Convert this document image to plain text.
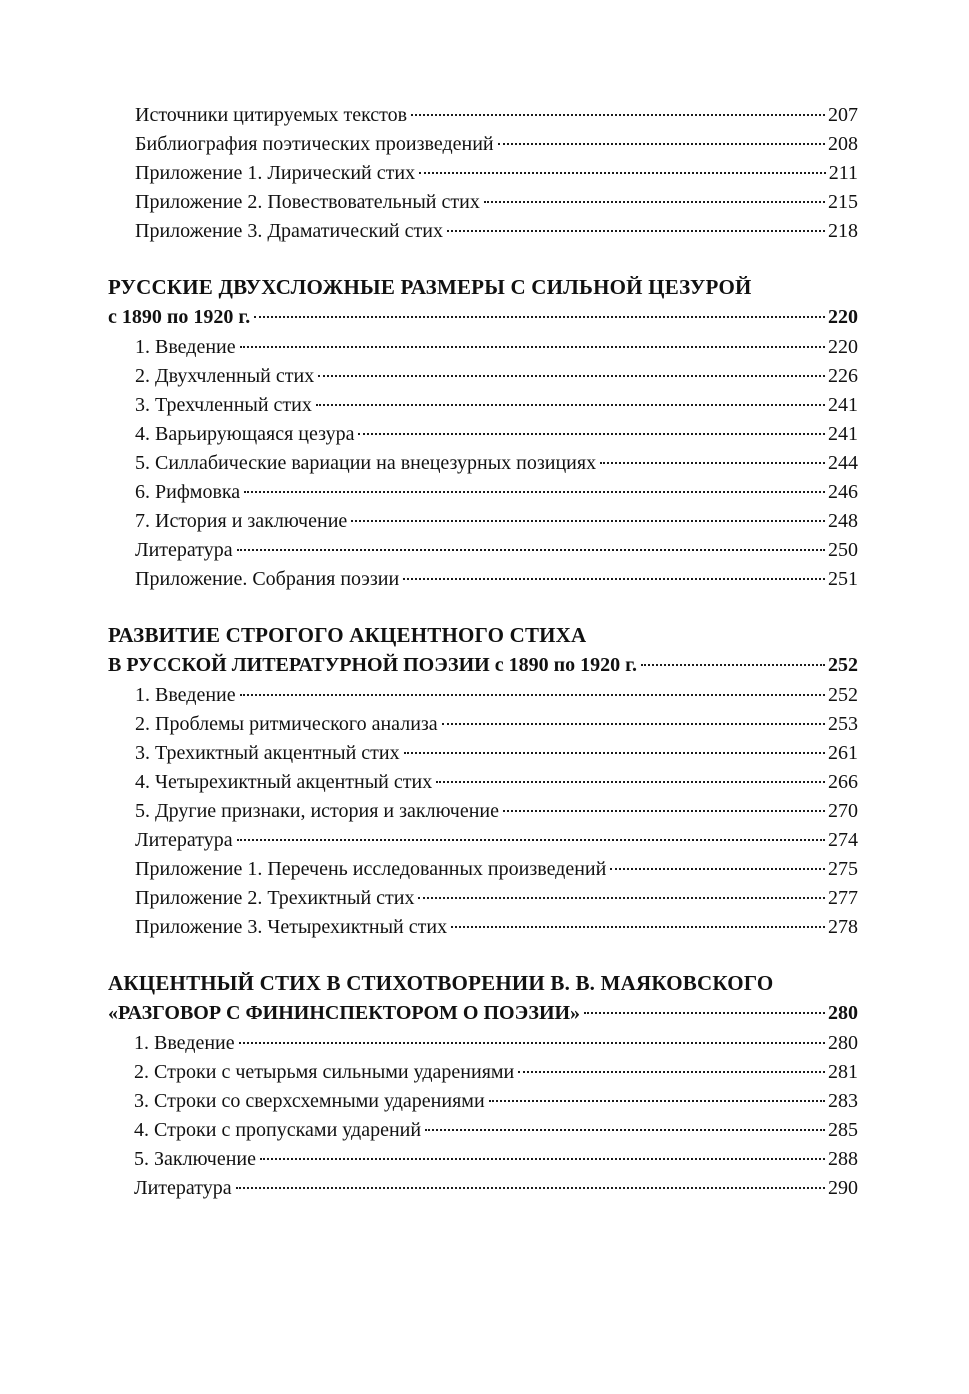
Источники цитируемых текстов	207
Библиография поэтических произведений	208
Приложение 1. Лирический стих	211
Приложение 2. Повествовательный стих	215
Приложение 3. Драматический стих	218
РУССКИЕ ДВУХСЛОЖНЫЕ РАЗМЕРЫ С СИЛЬНОЙ ЦЕЗУРОЙ
с 1890 по 1920 г.	220
1. Введение	220
2. Двухчленный стих	226
3. Трехчленный стих	241
4. Варьирующаяся цезура	241
5. Силлабические вариации на внецезурных позициях	244
6. Рифмовка	246
7. История и заключение	248
Литература	250
Приложение. Собрания поэзии	251
РАЗВИТИЕ СТРОГОГО АКЦЕНТНОГО СТИХА
В РУССКОЙ ЛИТЕРАТУРНОЙ ПОЭЗИИ с 1890 по 1920 г.	252
1. Введение	252
2. Проблемы ритмического анализа	253
3. Трехиктный акцентный стих	261
4. Четырехиктный акцентный стих	266
5. Другие признаки, история и заключение	270
Литература	274
Приложение 1. Перечень исследованных произведений	275
Приложение 2. Трехиктный стих	277
Приложение 3. Четырехиктный стих	278
АКЦЕНТНЫЙ СТИХ В СТИХОТВОРЕНИИ В. В. МАЯКОВСКОГО
«РАЗГОВОР С ФИНИНСПЕКТОРОМ О ПОЭЗИИ»	280
1. Введение	280
2. Строки с четырьмя сильными ударениями	281
3. Строки со сверхсхемными ударениями	283
4. Строки с пропусками ударений	285
5. Заключение	288
Литература	290
